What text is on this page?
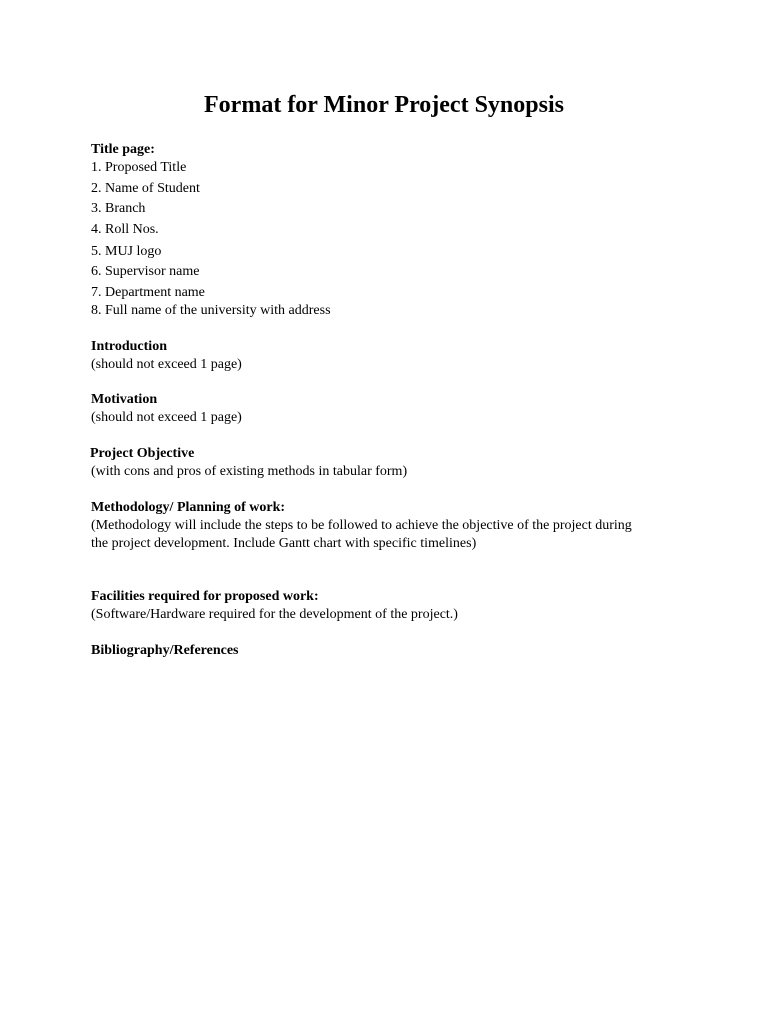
Format for Minor Project Synopsis
Title page:
1. Proposed Title
2. Name of Student
3. Branch
4. Roll Nos.
5. MUJ logo
6. Supervisor name
7. Department name
8. Full name of the university with address
Introduction
(should not exceed 1 page)
Motivation
(should not exceed 1 page)
Project Objective
(with cons and pros of existing methods in tabular form)
Methodology/ Planning of work:
(Methodology will include the steps to be followed to achieve the objective of the project during
the project development. Include Gantt chart with specific timelines)
Facilities required for proposed work:
(Software/Hardware required for the development of the project.)
Bibliography/References
